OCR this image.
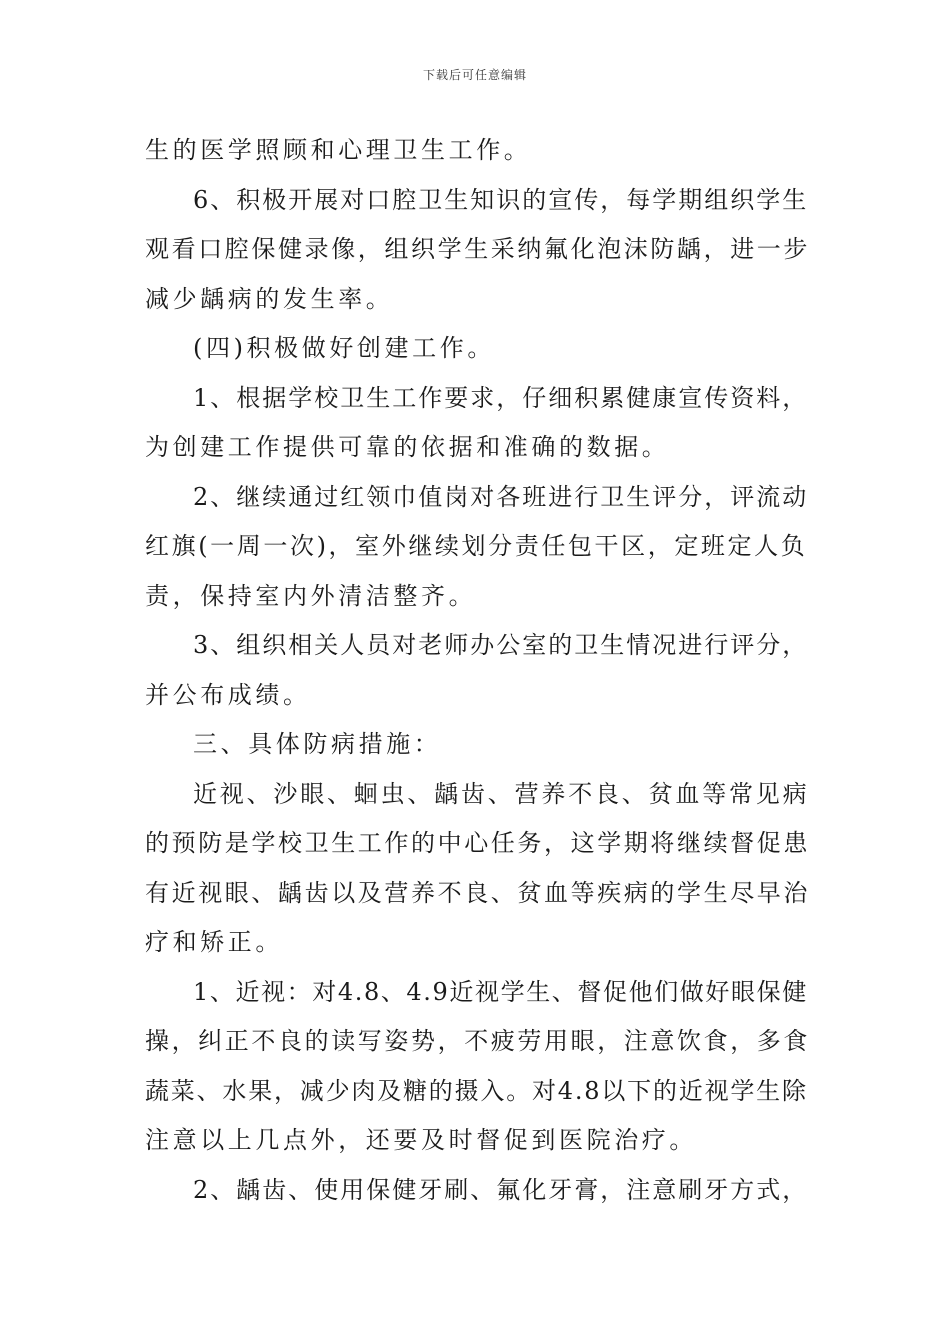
下载后可任意编辑
生的医学照顾和心理卫生工作。
6、积极开展对口腔卫生知识的宣传，每学期组织学生
观看口腔保健录像，组织学生采纳氟化泡沫防龋，进一步
减少龋病的发生率。
(四)积极做好创建工作。
1、根据学校卫生工作要求，仔细积累健康宣传资料，
为创建工作提供可靠的依据和准确的数据。
2、继续通过红领巾值岗对各班进行卫生评分，评流动
红旗(一周一次)，室外继续划分责任包干区，定班定人负
责，保持室内外清洁整齐。
3、组织相关人员对老师办公室的卫生情况进行评分，
并公布成绩。
三、具体防病措施：
近视、沙眼、蛔虫、龋齿、营养不良、贫血等常见病
的预防是学校卫生工作的中心任务，这学期将继续督促患
有近视眼、龋齿以及营养不良、贫血等疾病的学生尽早治
疗和矫正。
1、近视：对4.8、4.9近视学生、督促他们做好眼保健
操，纠正不良的读写姿势，不疲劳用眼，注意饮食，多食
蔬菜、水果，减少肉及糖的摄入。对4.8以下的近视学生除
注意以上几点外，还要及时督促到医院治疗。
2、龋齿、使用保健牙刷、氟化牙膏，注意刷牙方式，
